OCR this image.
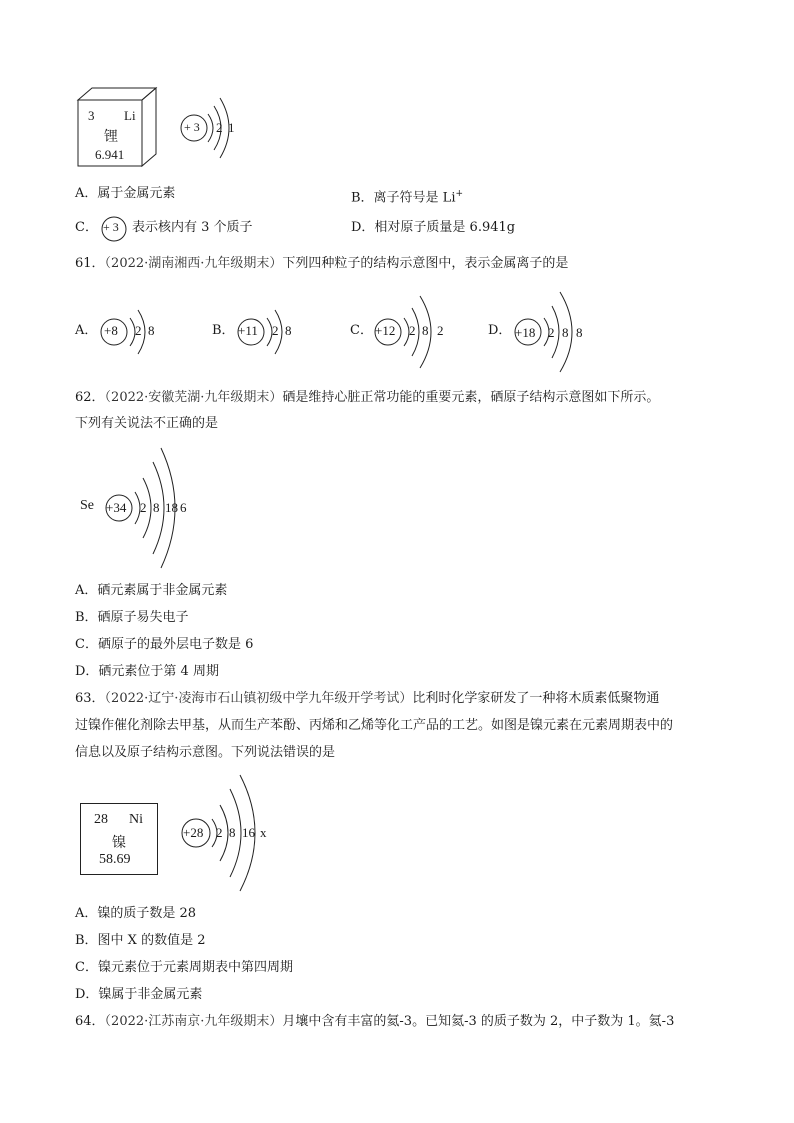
3 Li
锂
6.941
+ 3 2 1
A．属于金属元素	B．离子符号是 Li+
C． + 3 表示核内有 3 个质子	D．相对原子质量是 6.941g
61．（2022·湖南湘西·九年级期末）下列四种粒子的结构示意图中，表示金属离子的是
A． +8 2 8	B． +11 2 8	C． +12 2 8 2	D． +18 2 8 8
62．（2022·安徽芜湖·九年级期末）硒是维持心脏正常功能的重要元素，硒原子结构示意图如下所示。
下列有关说法不正确的是
Se +34 2 8 18 6
A．硒元素属于非金属元素
B．硒原子易失电子
C．硒原子的最外层电子数是 6
D．硒元素位于第 4 周期
63．（2022·辽宁·凌海市石山镇初级中学九年级开学考试）比利时化学家研发了一种将木质素低聚物通
过镍作催化剂除去甲基，从而生产苯酚、丙烯和乙烯等化工产品的工艺。如图是镍元素在元素周期表中的
信息以及原子结构示意图。下列说法错误的是
28 Ni
镍
58.69
+28 2 8 16 x
A．镍的质子数是 28
B．图中 X 的数值是 2
C．镍元素位于元素周期表中第四周期
D．镍属于非金属元素
64．（2022·江苏南京·九年级期末）月壤中含有丰富的氦-3。已知氦-3 的质子数为 2，中子数为 1。氦-3
